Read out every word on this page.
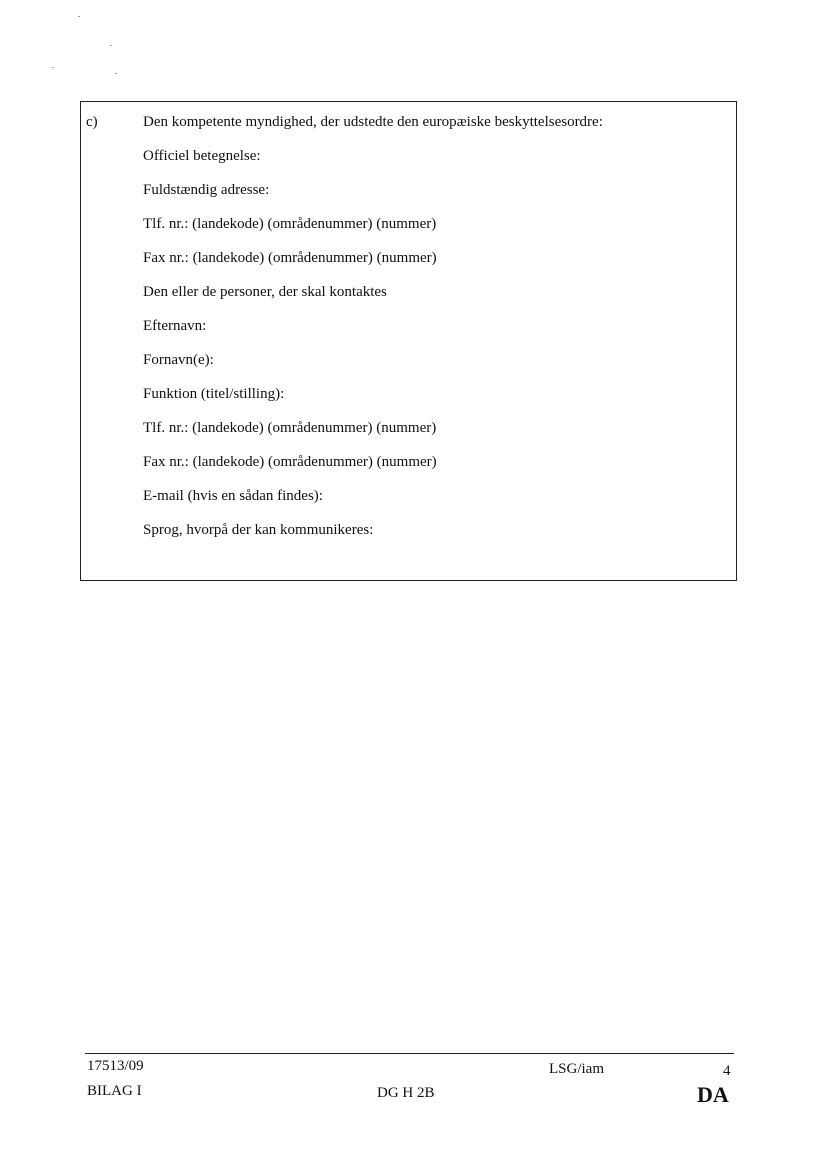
c)	Den kompetente myndighed, der udstedte den europæiske beskyttelsesordre:
Officiel betegnelse:
Fuldstændig adresse:
Tlf. nr.: (landekode) (områdenummer) (nummer)
Fax nr.: (landekode) (områdenummer) (nummer)
Den eller de personer, der skal kontaktes
Efternavn:
Fornavn(e):
Funktion (titel/stilling):
Tlf. nr.: (landekode) (områdenummer) (nummer)
Fax nr.: (landekode) (områdenummer) (nummer)
E-mail (hvis en sådan findes):
Sprog, hvorpå der kan kommunikeres:
17513/09	LSG/iam	4
BILAG I	DG H 2B	DA
